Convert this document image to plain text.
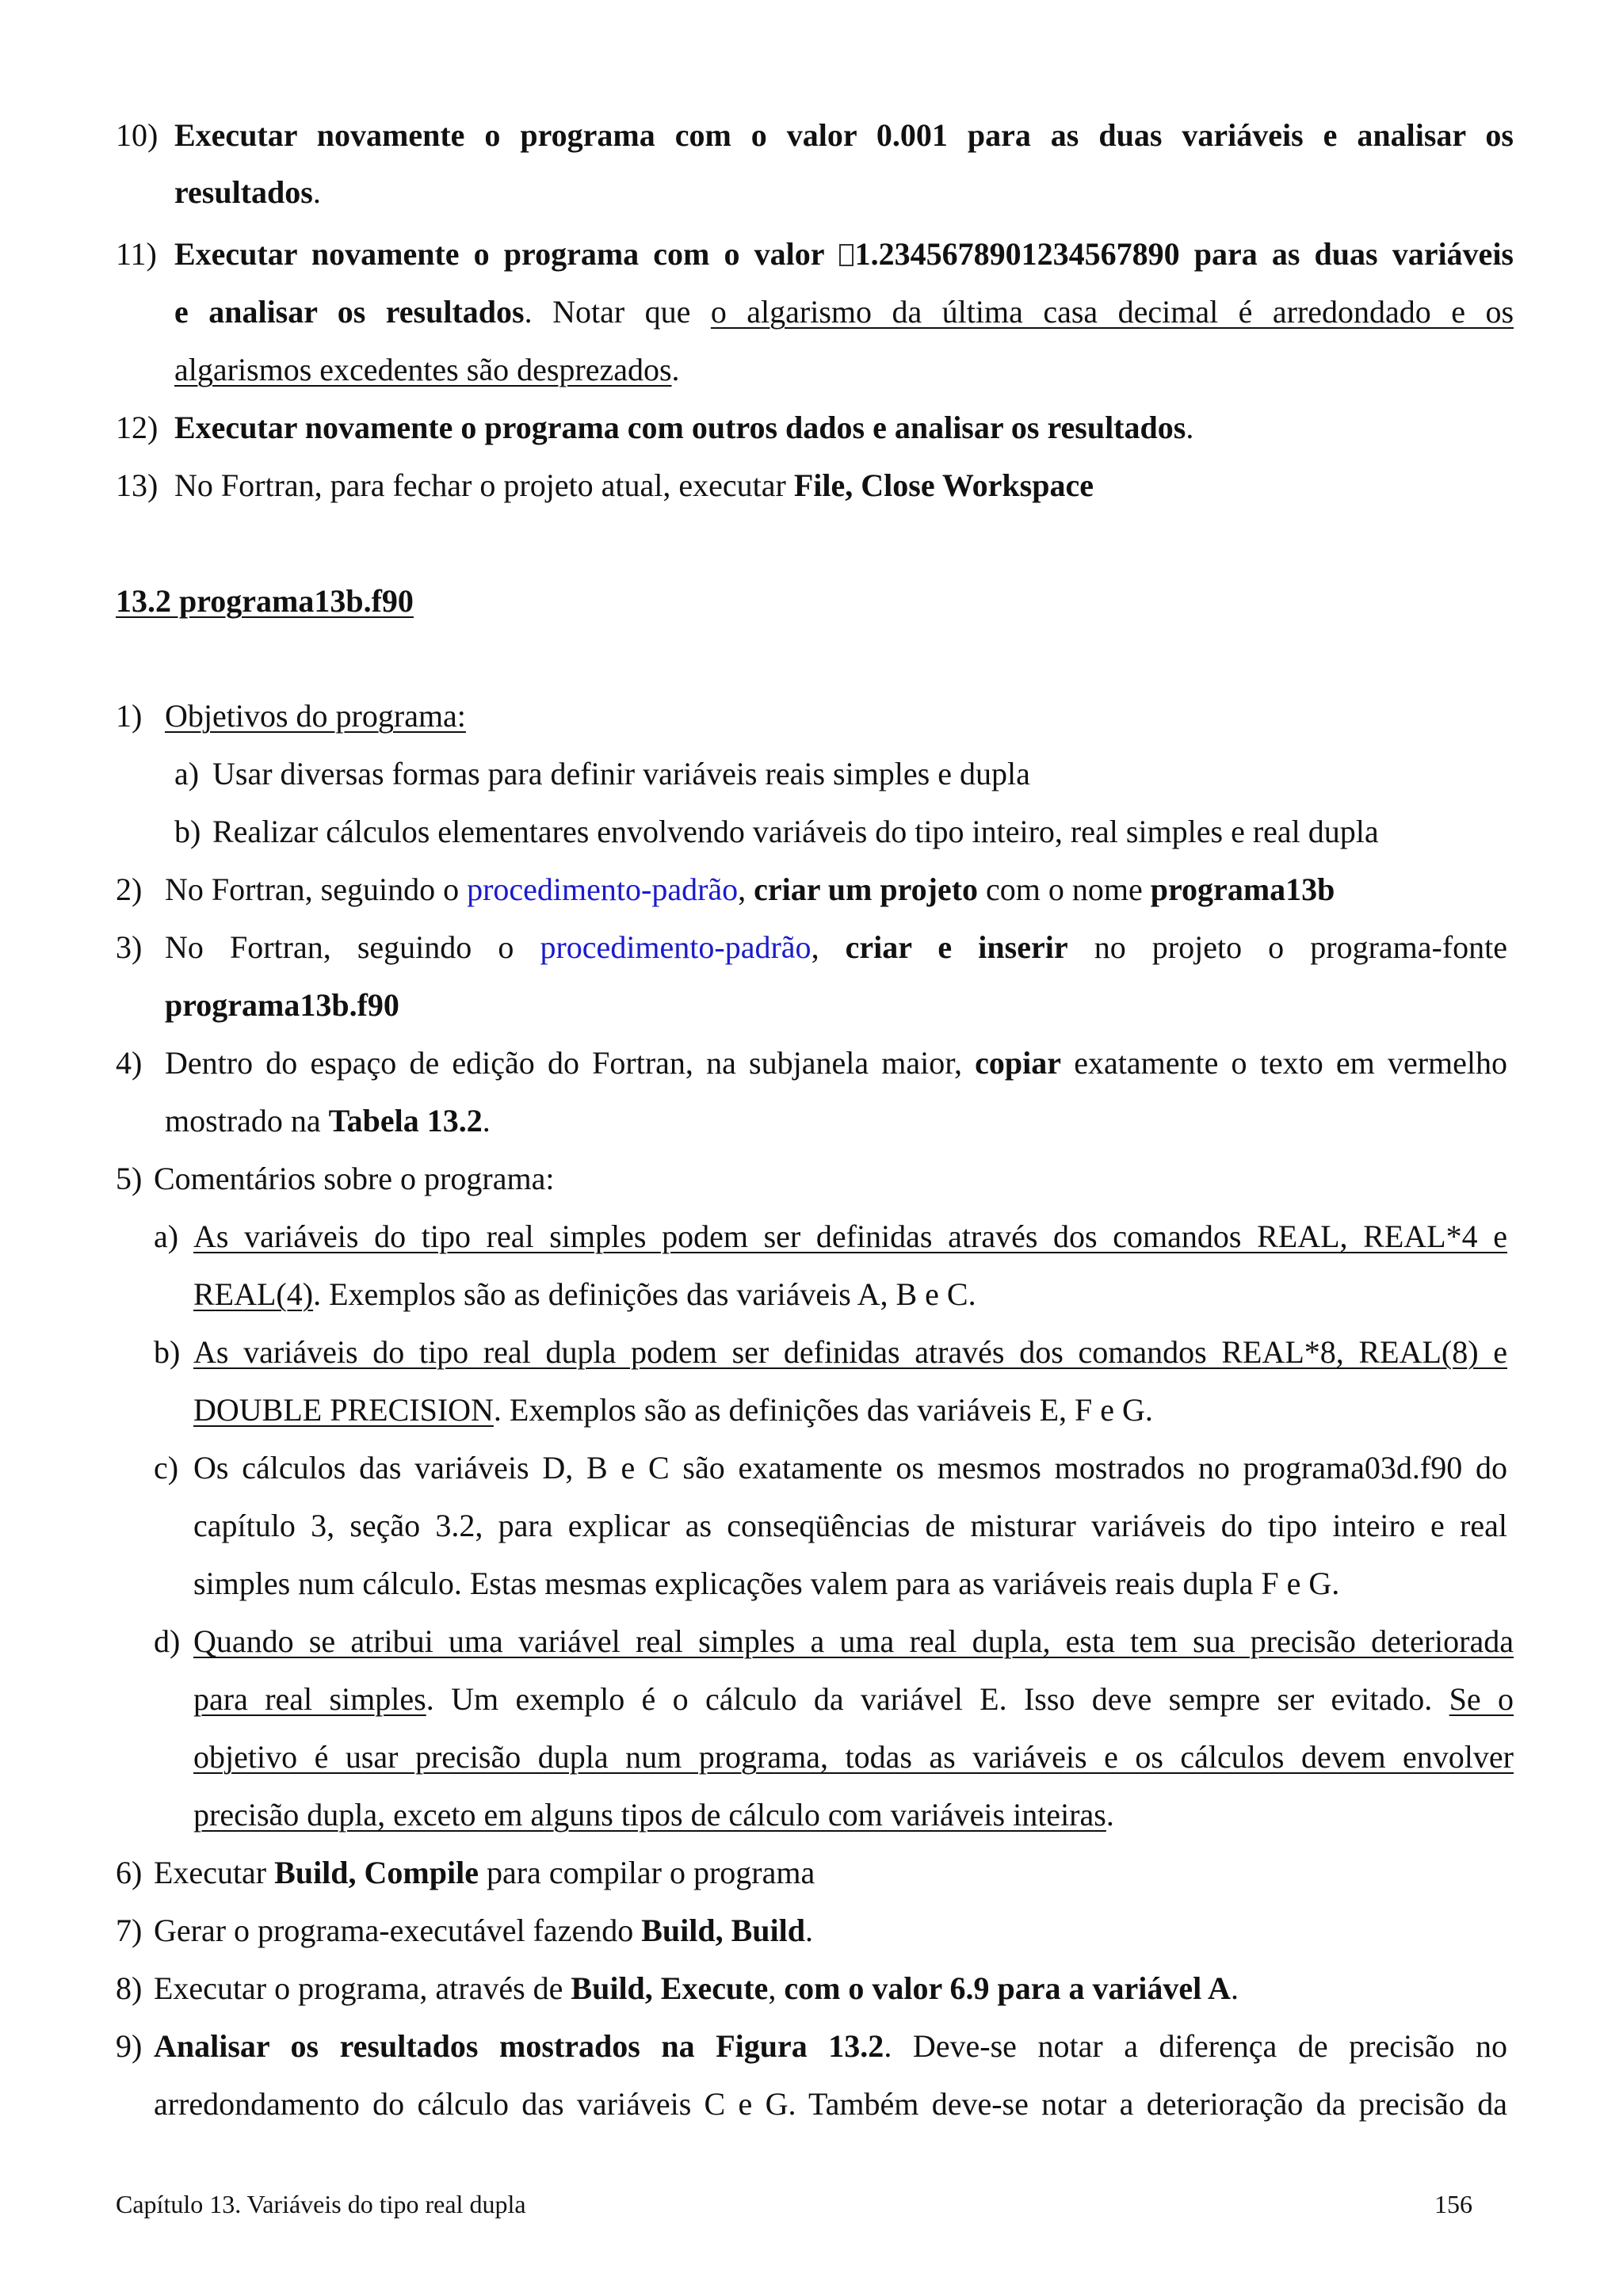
10) Executar novamente o programa com o valor 0.001 para as duas variáveis e analisar os
resultados.
11) Executar novamente o programa com o valor 1.2345678901234567890 para as duas variáveis
e analisar os resultados. Notar que o algarismo da última casa decimal é arredondado e os
algarismos excedentes são desprezados.
12) Executar novamente o programa com outros dados e analisar os resultados.
13) No Fortran, para fechar o projeto atual, executar File, Close Workspace
13.2 programa13b.f90
1) Objetivos do programa:
a) Usar diversas formas para definir variáveis reais simples e dupla
b) Realizar cálculos elementares envolvendo variáveis do tipo inteiro, real simples e real dupla
2) No Fortran, seguindo o procedimento-padrão, criar um projeto com o nome programa13b
3) No Fortran, seguindo o procedimento-padrão, criar e inserir no projeto o programa-fonte
programa13b.f90
4) Dentro do espaço de edição do Fortran, na subjanela maior, copiar exatamente o texto em vermelho
mostrado na Tabela 13.2.
5) Comentários sobre o programa:
a) As variáveis do tipo real simples podem ser definidas através dos comandos REAL, REAL*4 e
REAL(4). Exemplos são as definições das variáveis A, B e C.
b) As variáveis do tipo real dupla podem ser definidas através dos comandos REAL*8, REAL(8) e
DOUBLE PRECISION. Exemplos são as definições das variáveis E, F e G.
c) Os cálculos das variáveis D, B e C são exatamente os mesmos mostrados no programa03d.f90 do
capítulo 3, seção 3.2, para explicar as conseqüências de misturar variáveis do tipo inteiro e real
simples num cálculo. Estas mesmas explicações valem para as variáveis reais dupla F e G.
d) Quando se atribui uma variável real simples a uma real dupla, esta tem sua precisão deteriorada
para real simples. Um exemplo é o cálculo da variável E. Isso deve sempre ser evitado. Se o
objetivo é usar precisão dupla num programa, todas as variáveis e os cálculos devem envolver
precisão dupla, exceto em alguns tipos de cálculo com variáveis inteiras.
6) Executar Build, Compile para compilar o programa
7) Gerar o programa-executável fazendo Build, Build.
8) Executar o programa, através de Build, Execute, com o valor 6.9 para a variável A.
9) Analisar os resultados mostrados na Figura 13.2. Deve-se notar a diferença de precisão no
arredondamento do cálculo das variáveis C e G. Também deve-se notar a deterioração da precisão da
Capítulo 13. Variáveis do tipo real dupla	156
